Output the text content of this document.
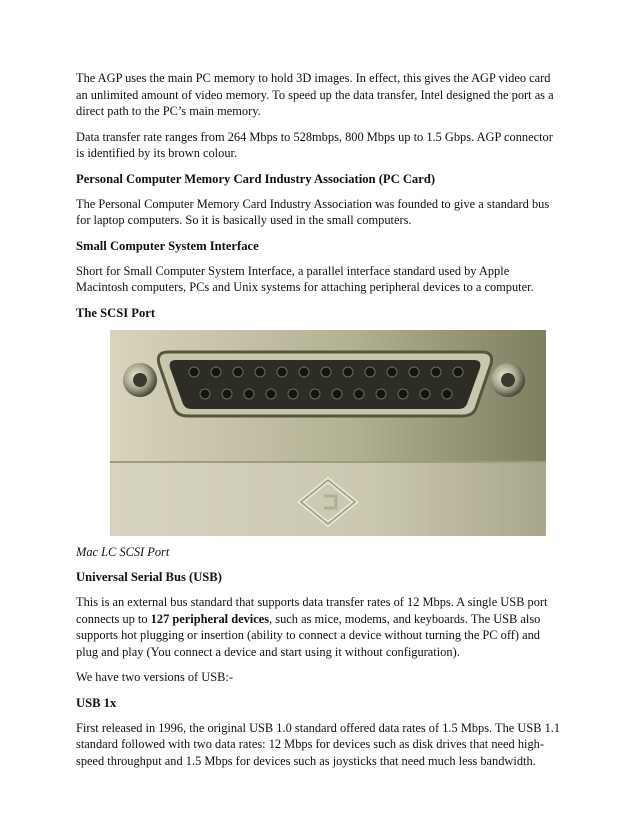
The AGP uses the main PC memory to hold 3D images. In effect, this gives the AGP video card an unlimited amount of video memory. To speed up the data transfer, Intel designed the port as a direct path to the PC’s main memory.

Data transfer rate ranges from 264 Mbps to 528mbps, 800 Mbps up to 1.5 Gbps. AGP connector is identified by its brown colour.

Personal Computer Memory Card Industry Association (PC Card)

The Personal Computer Memory Card Industry Association was founded to give a standard bus for laptop computers. So it is basically used in the small computers.

Small Computer System Interface

Short for Small Computer System Interface, a parallel interface standard used by Apple Macintosh computers, PCs and Unix systems for attaching peripheral devices to a computer.

The SCSI Port

Mac LC SCSI Port

Universal Serial Bus (USB)

This is an external bus standard that supports data transfer rates of 12 Mbps. A single USB port connects up to 127 peripheral devices, such as mice, modems, and keyboards. The USB also supports hot plugging or insertion (ability to connect a device without turning the PC off) and plug and play (You connect a device and start using it without configuration).

We have two versions of USB:-

USB 1x

First released in 1996, the original USB 1.0 standard offered data rates of 1.5 Mbps. The USB 1.1 standard followed with two data rates: 12 Mbps for devices such as disk drives that need high-speed throughput and 1.5 Mbps for devices such as joysticks that need much less bandwidth.
